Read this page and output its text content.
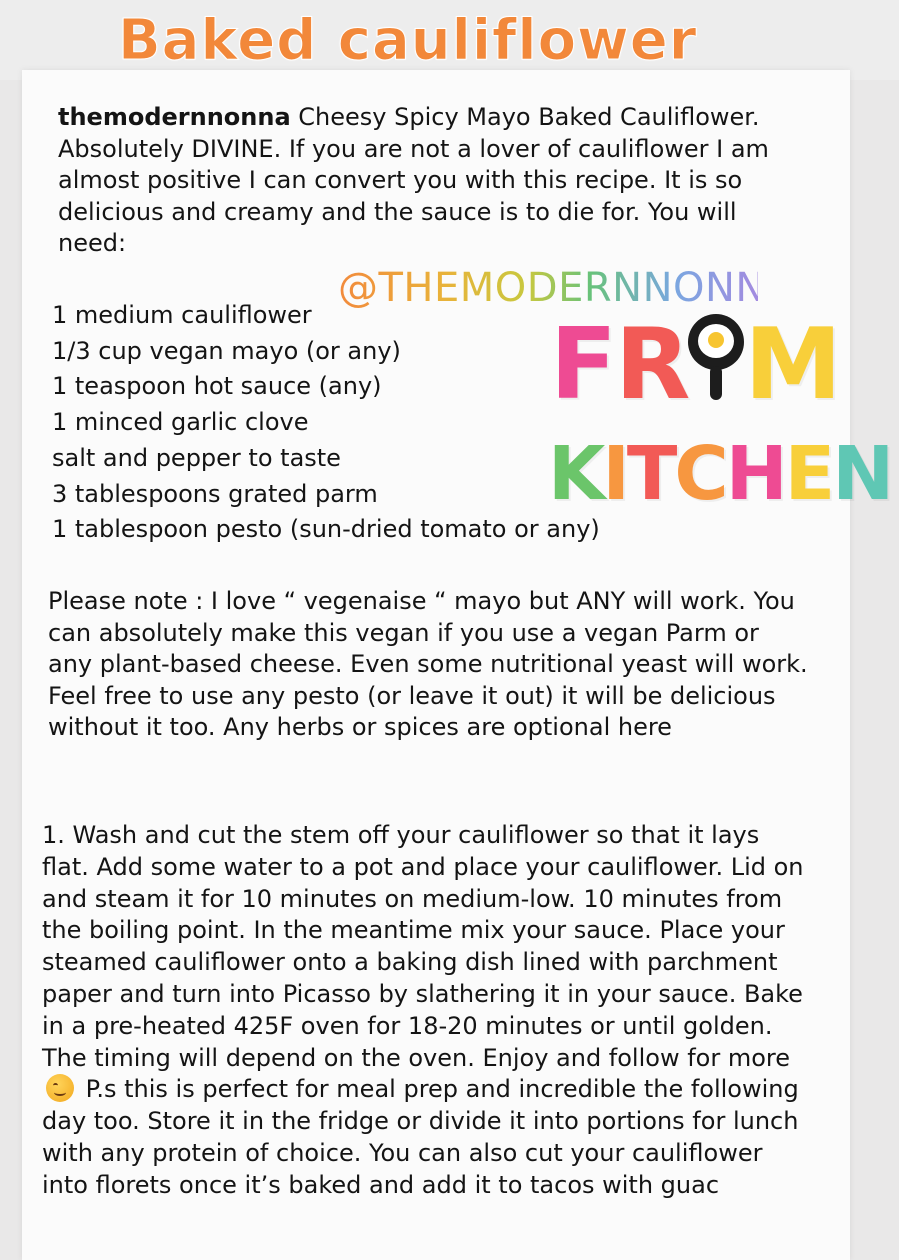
Baked cauliflower

themodernnonna Cheesy Spicy Mayo Baked Cauliflower. Absolutely DIVINE. If you are not a lover of cauliflower I am almost positive I can convert you with this recipe. It is so delicious and creamy and the sauce is to die for. You will need:

1 medium cauliflower
1/3 cup vegan mayo (or any)
1 teaspoon hot sauce (any)
1 minced garlic clove
salt and pepper to taste
3 tablespoons grated parm
1 tablespoon pesto (sun-dried tomato or any)

Please note : I love “ vegenaise “ mayo but ANY will work. You can absolutely make this vegan if you use a vegan Parm or any plant-based cheese. Even some nutritional yeast will work. Feel free to use any pesto (or leave it out) it will be delicious without it too. Any herbs or spices are optional here

1. Wash and cut the stem off your cauliflower so that it lays flat. Add some water to a pot and place your cauliflower. Lid on and steam it for 10 minutes on medium-low. 10 minutes from the boiling point. In the meantime mix your sauce. Place your steamed cauliflower onto a baking dish lined with parchment paper and turn into Picasso by slathering it in your sauce. Bake in a pre-heated 425F oven for 18-20 minutes or until golden. The timing will depend on the oven. Enjoy and follow for more  P.s this is perfect for meal prep and incredible the following day too. Store it in the fridge or divide it into portions for lunch with any protein of choice. You can also cut your cauliflower into florets once it’s baked and add it to tacos with guac

@THEMODERNNONNA
FR M
KITCHEN
